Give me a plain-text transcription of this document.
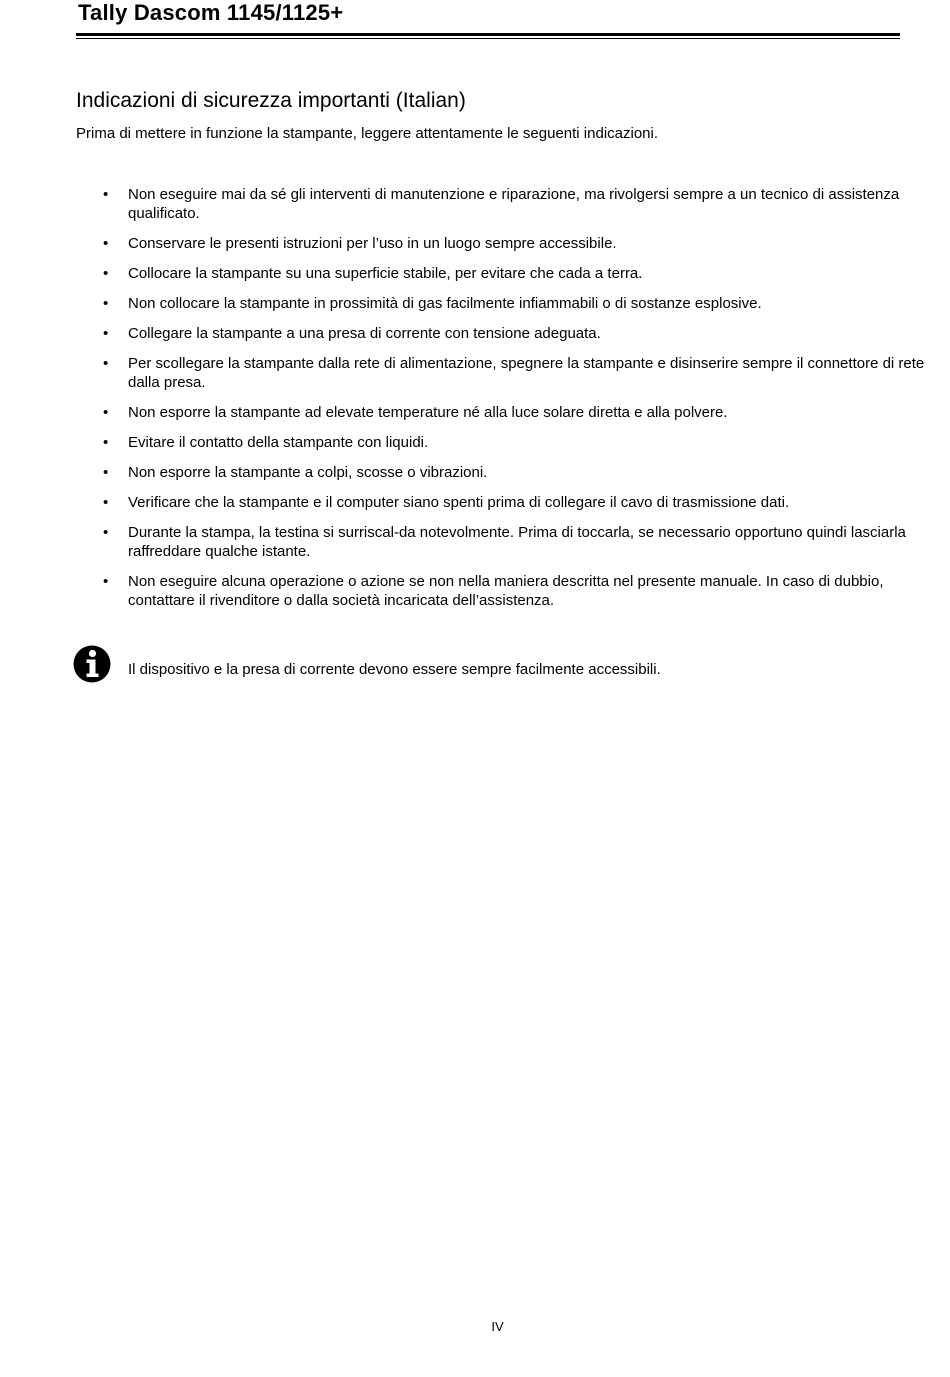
Tally Dascom 1145/1125+
Indicazioni di sicurezza importanti (Italian)

Prima di mettere in funzione la stampante, leggere attentamente le seguenti indicazioni.

• Non eseguire mai da sé gli interventi di manutenzione e riparazione, ma rivolgersi sempre a un tecnico di assistenza qualificato.
• Conservare le presenti istruzioni per l’uso in un luogo sempre accessibile.
• Collocare la stampante su una superficie stabile, per evitare che cada a terra.
• Non collocare la stampante in prossimità di gas facilmente infiammabili o di sostanze esplosive.
• Collegare la stampante a una presa di corrente con tensione adeguata.
• Per scollegare la stampante dalla rete di alimentazione, spegnere la stampante e disinserire sempre il connettore di rete dalla presa.
• Non esporre la stampante ad elevate temperature né alla luce solare diretta e alla polvere.
• Evitare il contatto della stampante con liquidi.
• Non esporre la stampante a colpi, scosse o vibrazioni.
• Verificare che la stampante e il computer siano spenti prima di collegare il cavo di trasmissione dati.
• Durante la stampa, la testina si surriscal-da notevolmente. Prima di toccarla, se necessario opportuno quindi lasciarla raffreddare qualche istante.
• Non eseguire alcuna operazione o azione se non nella maniera descritta nel presente manuale. In caso di dubbio, contattare il rivenditore o dalla società incaricata dell’assistenza.
Il dispositivo e la presa di corrente devono essere sempre facilmente accessibili.
IV
